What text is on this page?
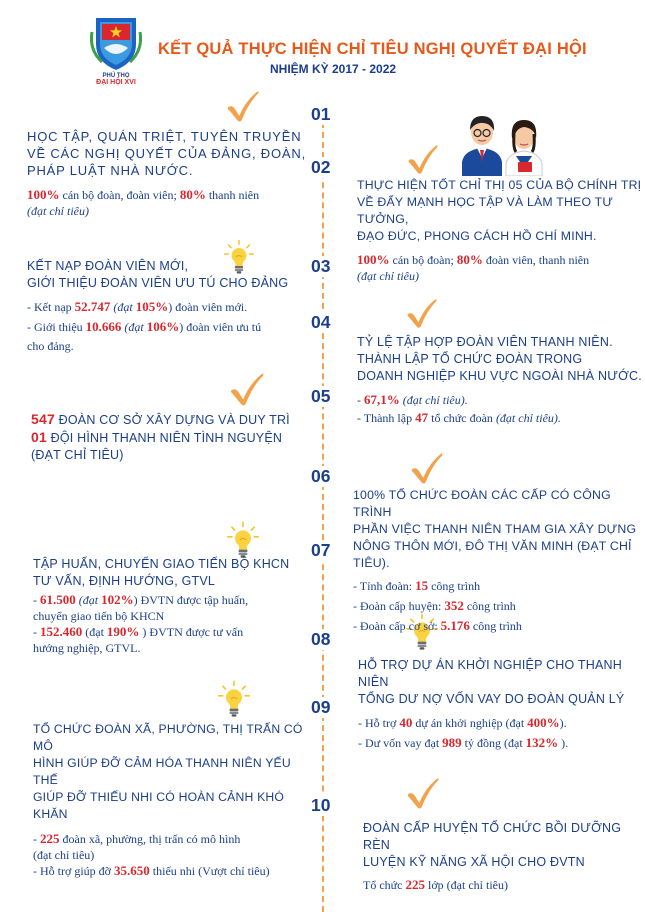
PHÚ THỌ
ĐẠI HỘI XVI
KẾT QUẢ THỰC HIỆN CHỈ TIÊU NGHỊ QUYẾT ĐẠI HỘI
NHIỆM KỲ 2017 - 2022
01
02
03
04
05
06
07
08
09
10
HỌC TẬP, QUÁN TRIỆT, TUYÊN TRUYỀN
VỀ CÁC NGHỊ QUYẾT CỦA ĐẢNG, ĐOÀN,
PHÁP LUẬT NHÀ NƯỚC.
100% cán bộ đoàn, đoàn viên; 80% thanh niên
(đạt chỉ tiêu)
THỰC HIỆN TỐT CHỈ THỊ 05 CỦA BỘ CHÍNH TRỊ
VỀ ĐẨY MẠNH HỌC TẬP VÀ LÀM THEO TƯ TƯỞNG,
ĐẠO ĐỨC, PHONG CÁCH HỒ CHÍ MINH.
100% cán bộ đoàn; 80% đoàn viên, thanh niên
(đạt chỉ tiêu)
KẾT NẠP ĐOÀN VIÊN MỚI,
GIỚI THIỆU ĐOÀN VIÊN ƯU TÚ CHO ĐẢNG
- Kết nạp 52.747 (đạt 105%) đoàn viên mới.
- Giới thiệu 10.666 (đạt 106%) đoàn viên ưu tú
cho đảng.	TỶ LỆ TẬP HỢP ĐOÀN VIÊN THANH NIÊN.
THÀNH LẬP TỔ CHỨC ĐOÀN TRONG
DOANH NGHIỆP KHU VỰC NGOÀI NHÀ NƯỚC.
- 67,1% (đạt chỉ tiêu).
- Thành lập 47 tổ chức đoàn (đạt chỉ tiêu).
547 ĐOÀN CƠ SỞ XÂY DỰNG VÀ DUY TRÌ
01 ĐỘI HÌNH THANH NIÊN TÌNH NGUYỆN
(ĐẠT CHỈ TIÊU)
100% TỔ CHỨC ĐOÀN CÁC CẤP CÓ CÔNG TRÌNH
PHẦN VIỆC THANH NIÊN THAM GIA XÂY DỰNG
NÔNG THÔN MỚI, ĐÔ THỊ VĂN MINH (ĐẠT CHỈ
TIÊU).
- Tỉnh đoàn: 15 công trình
- Đoàn cấp huyện: 352 công trình
- Đoàn cấp cơ sở: 5.176 công trình
TẬP HUẤN, CHUYỂN GIAO TIẾN BỘ KHCN
TƯ VẤN, ĐỊNH HƯỚNG, GTVL
- 61.500 (đạt 102%) ĐVTN được tập huấn,
chuyển giao tiến bộ KHCN
- 152.460 (đạt 190% ) ĐVTN được tư vấn
hướng nghiệp, GTVL.
HỖ TRỢ DỰ ÁN KHỞI NGHIỆP CHO THANH NIÊN
TỔNG DƯ NỢ VỐN VAY DO ĐOÀN QUẢN LÝ
- Hỗ trợ 40 dự án khởi nghiệp (đạt 400%).
- Dư vốn vay đạt 989 tỷ đồng (đạt 132% ).
TỔ CHỨC ĐOÀN XÃ, PHƯỜNG, THỊ TRẤN CÓ MÔ
HÌNH GIÚP ĐỠ CẢM HÓA THANH NIÊN YẾU THẾ
GIÚP ĐỠ THIẾU NHI CÓ HOÀN CẢNH KHÓ KHĂN
- 225 đoàn xã, phường, thị trấn có mô hình
(đạt chỉ tiêu)
- Hỗ trợ giúp đỡ 35.650 thiếu nhi (Vượt chỉ tiêu)
ĐOÀN CẤP HUYỆN TỔ CHỨC BỒI DƯỠNG RÈN
LUYỆN KỸ NĂNG XÃ HỘI CHO ĐVTN
Tổ chức 225 lớp (đạt chỉ tiêu)
